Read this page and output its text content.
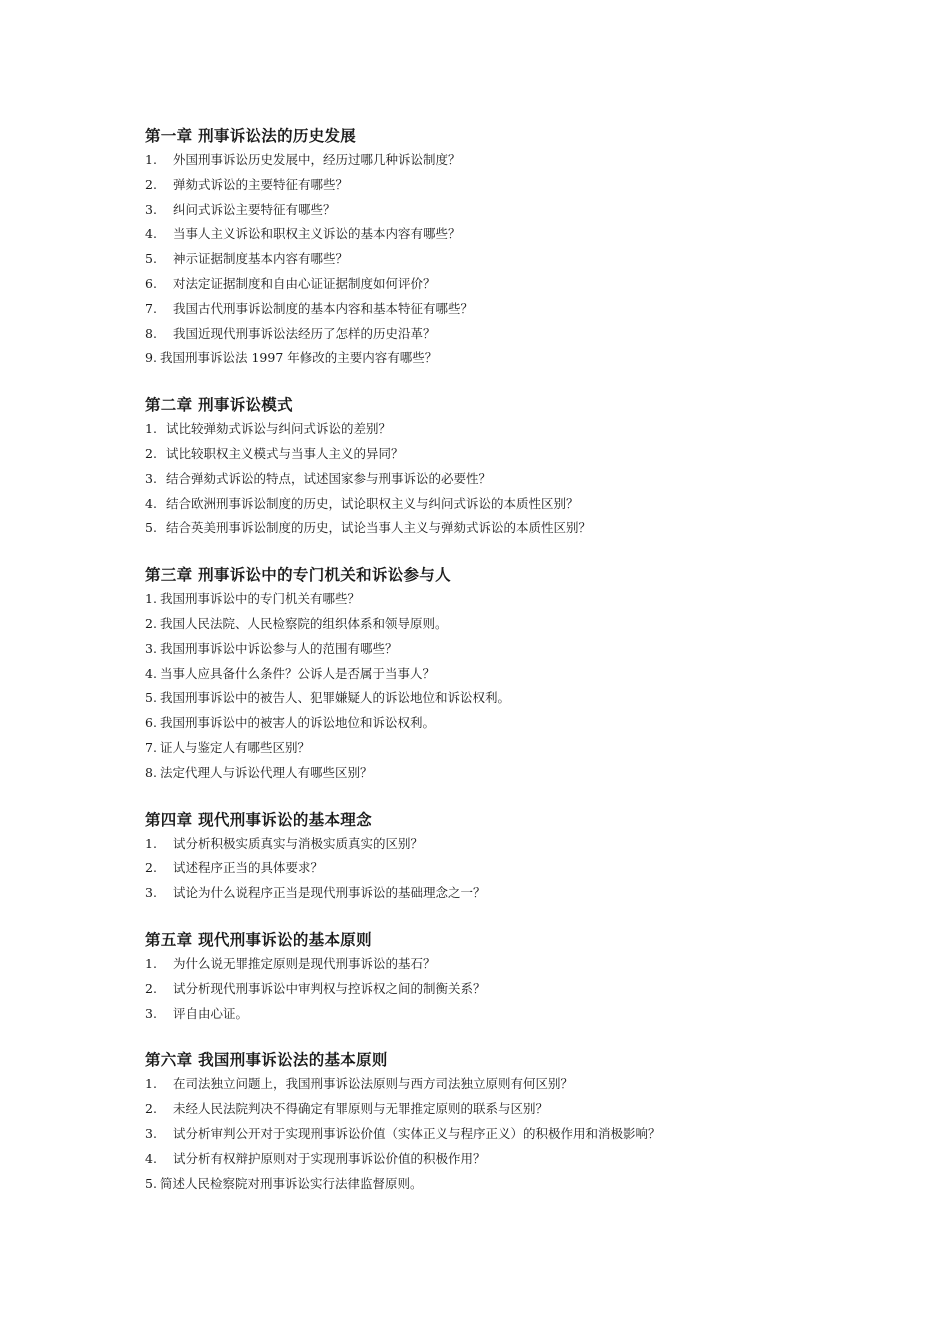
第一章 刑事诉讼法的历史发展
1. 外国刑事诉讼历史发展中，经历过哪几种诉讼制度？
2. 弹劾式诉讼的主要特征有哪些？
3. 纠问式诉讼主要特征有哪些？
4. 当事人主义诉讼和职权主义诉讼的基本内容有哪些？
5. 神示证据制度基本内容有哪些？
6. 对法定证据制度和自由心证证据制度如何评价？
7. 我国古代刑事诉讼制度的基本内容和基本特征有哪些？
8. 我国近现代刑事诉讼法经历了怎样的历史沿革？
9. 我国刑事诉讼法 1997 年修改的主要内容有哪些？
第二章 刑事诉讼模式
1. 试比较弹劾式诉讼与纠问式诉讼的差别？
2. 试比较职权主义模式与当事人主义的异同？
3. 结合弹劾式诉讼的特点，试述国家参与刑事诉讼的必要性？
4. 结合欧洲刑事诉讼制度的历史，试论职权主义与纠问式诉讼的本质性区别？
5. 结合英美刑事诉讼制度的历史，试论当事人主义与弹劾式诉讼的本质性区别？
第三章 刑事诉讼中的专门机关和诉讼参与人
1. 我国刑事诉讼中的专门机关有哪些？
2. 我国人民法院、人民检察院的组织体系和领导原则。
3. 我国刑事诉讼中诉讼参与人的范围有哪些？
4. 当事人应具备什么条件？公诉人是否属于当事人？
5. 我国刑事诉讼中的被告人、犯罪嫌疑人的诉讼地位和诉讼权利。
6. 我国刑事诉讼中的被害人的诉讼地位和诉讼权利。
7. 证人与鉴定人有哪些区别？
8. 法定代理人与诉讼代理人有哪些区别？
第四章 现代刑事诉讼的基本理念
1. 试分析积极实质真实与消极实质真实的区别？
2. 试述程序正当的具体要求？
3. 试论为什么说程序正当是现代刑事诉讼的基础理念之一？
第五章 现代刑事诉讼的基本原则
1. 为什么说无罪推定原则是现代刑事诉讼的基石？
2. 试分析现代刑事诉讼中审判权与控诉权之间的制衡关系？
3. 评自由心证。
第六章 我国刑事诉讼法的基本原则
1. 在司法独立问题上，我国刑事诉讼法原则与西方司法独立原则有何区别？
2. 未经人民法院判决不得确定有罪原则与无罪推定原则的联系与区别？
3. 试分析审判公开对于实现刑事诉讼价值（实体正义与程序正义）的积极作用和消极影响？
4. 试分析有权辩护原则对于实现刑事诉讼价值的积极作用？
5. 简述人民检察院对刑事诉讼实行法律监督原则。
